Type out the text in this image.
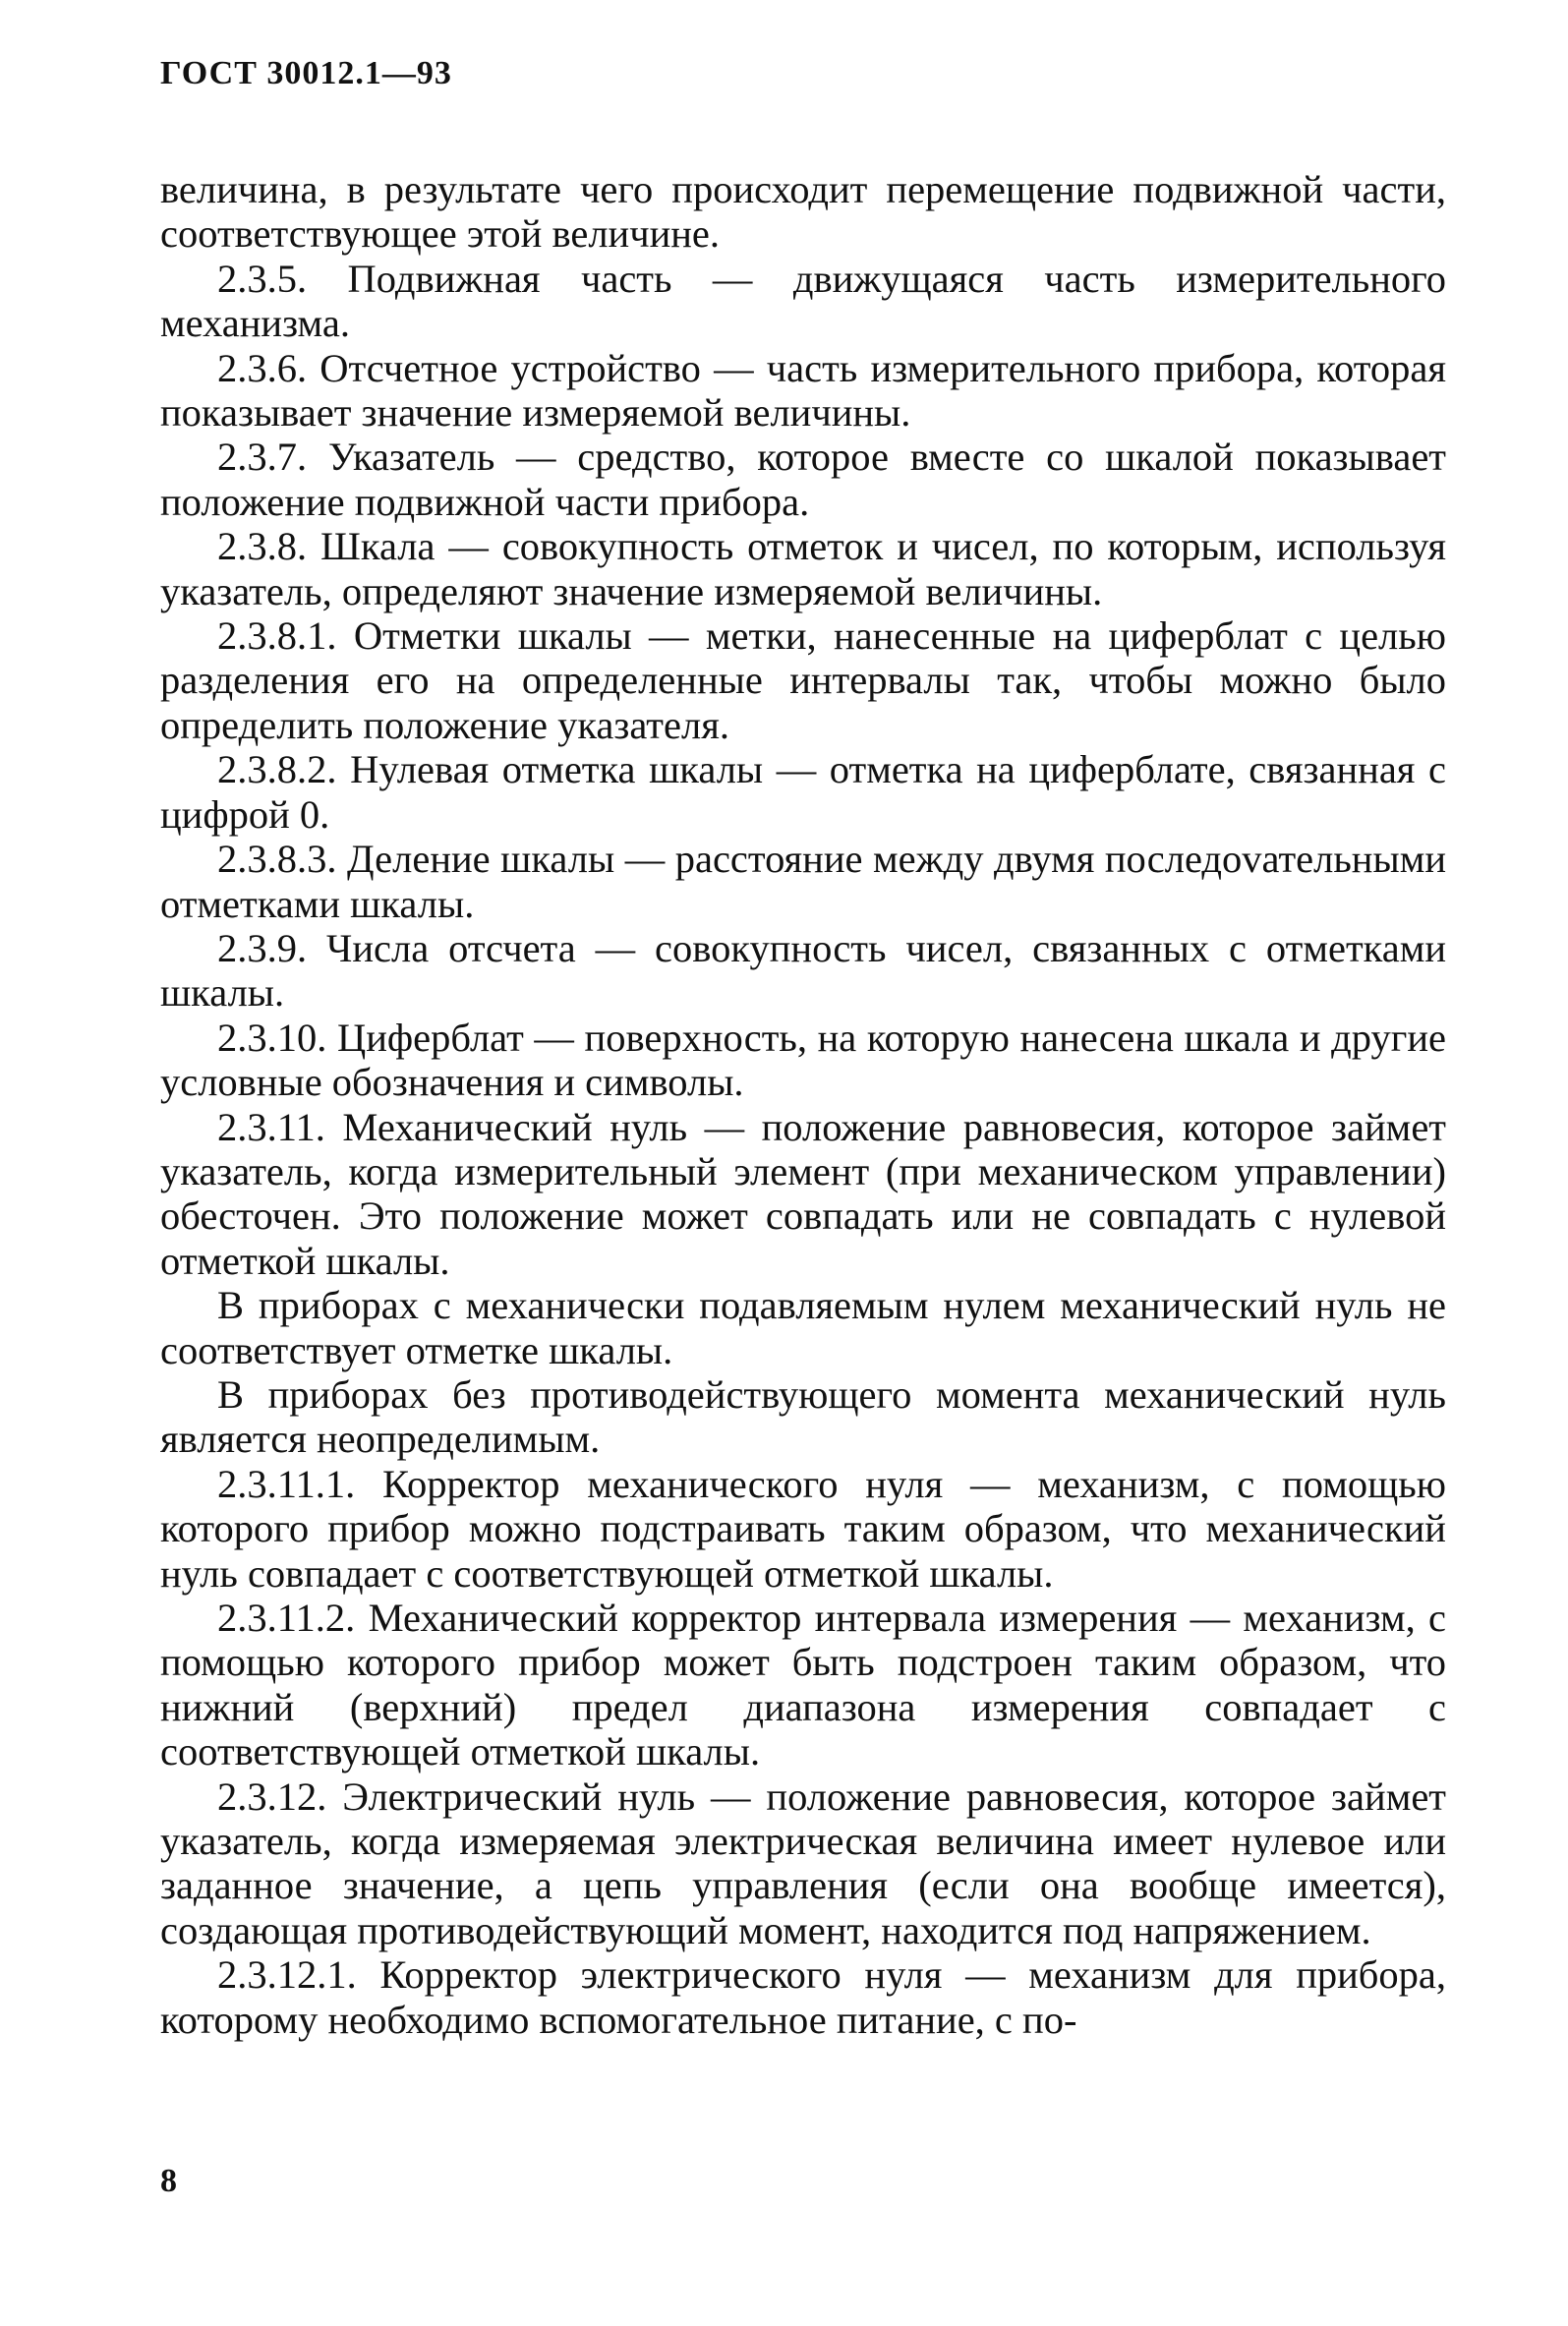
ГОСТ 30012.1—93

величина, в результате чего происходит перемещение подвижной части, соответствующее этой величине.

2.3.5. Подвижная часть — движущаяся часть измерительного механизма.

2.3.6. Отсчетное устройство — часть измерительного прибора, которая показывает значение измеряемой величины.

2.3.7. Указатель — средство, которое вместе со шкалой показывает положение подвижной части прибора.

2.3.8. Шкала — совокупность отметок и чисел, по которым, используя указатель, определяют значение измеряемой величины.

2.3.8.1. Отметки шкалы — метки, нанесенные на циферблат с целью разделения его на определенные интервалы так, чтобы можно было определить положение указателя.

2.3.8.2. Нулевая отметка шкалы — отметка на циферблате, связанная с цифрой 0.

2.3.8.3. Деление шкалы — расстояние между двумя последоvательными отметками шкалы.

2.3.9. Числа отсчета — совокупность чисел, связанных с отметками шкалы.

2.3.10. Циферблат — поверхность, на которую нанесена шкала и другие условные обозначения и символы.

2.3.11. Механический нуль — положение равновесия, которое займет указатель, когда измерительный элемент (при механическом управлении) обесточен. Это положение может совпадать или не совпадать с нулевой отметкой шкалы.

В приборах с механически подавляемым нулем механический нуль не соответствует отметке шкалы.

В приборах без противодействующего момента механический нуль является неопределимым.

2.3.11.1. Корректор механического нуля — механизм, с помощью которого прибор можно подстраивать таким образом, что механический нуль совпадает с соответствующей отметкой шкалы.

2.3.11.2. Механический корректор интервала измерения — механизм, с помощью которого прибор может быть подстроен таким образом, что нижний (верхний) предел диапазона измерения совпадает с соответствующей отметкой шкалы.

2.3.12. Электрический нуль — положение равновесия, которое займет указатель, когда измеряемая электрическая величина имеет нулевое или заданное значение, а цепь управления (если она вообще имеется), создающая противодействующий момент, находится под напряжением.

2.3.12.1. Корректор электрического нуля — механизм для прибора, которому необходимо вспомогательное питание, с по-

8
